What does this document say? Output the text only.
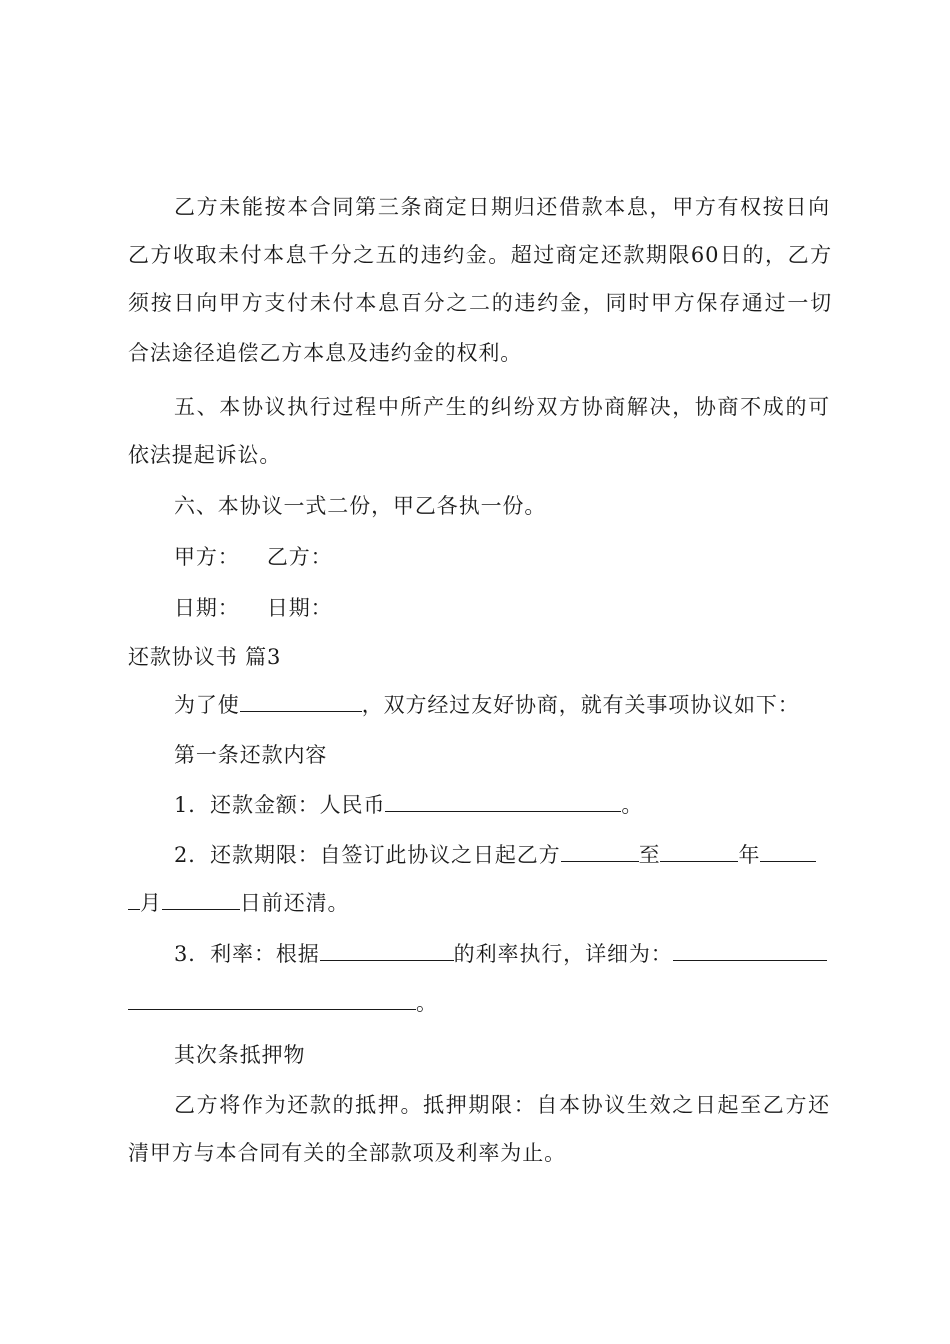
乙方未能按本合同第三条商定日期归还借款本息，甲方有权按日向
乙方收取未付本息千分之五的违约金。超过商定还款期限60日的，乙方
须按日向甲方支付未付本息百分之二的违约金，同时甲方保存通过一切
合法途径追偿乙方本息及违约金的权利。
五、本协议执行过程中所产生的纠纷双方协商解决，协商不成的可
依法提起诉讼。
六、本协议一式二份，甲乙各执一份。
甲方： 乙方：
日期： 日期：
还款协议书 篇3
为了使	，双方经过友好协商，就有关事项协议如下：
第一条还款内容
1．还款金额：人民币	。
2．还款期限：自签订此协议之日起乙方	至	年
月	日前还清。
3．利率：根据	的利率执行，详细为：
。
其次条抵押物
乙方将作为还款的抵押。抵押期限：自本协议生效之日起至乙方还
清甲方与本合同有关的全部款项及利率为止。
